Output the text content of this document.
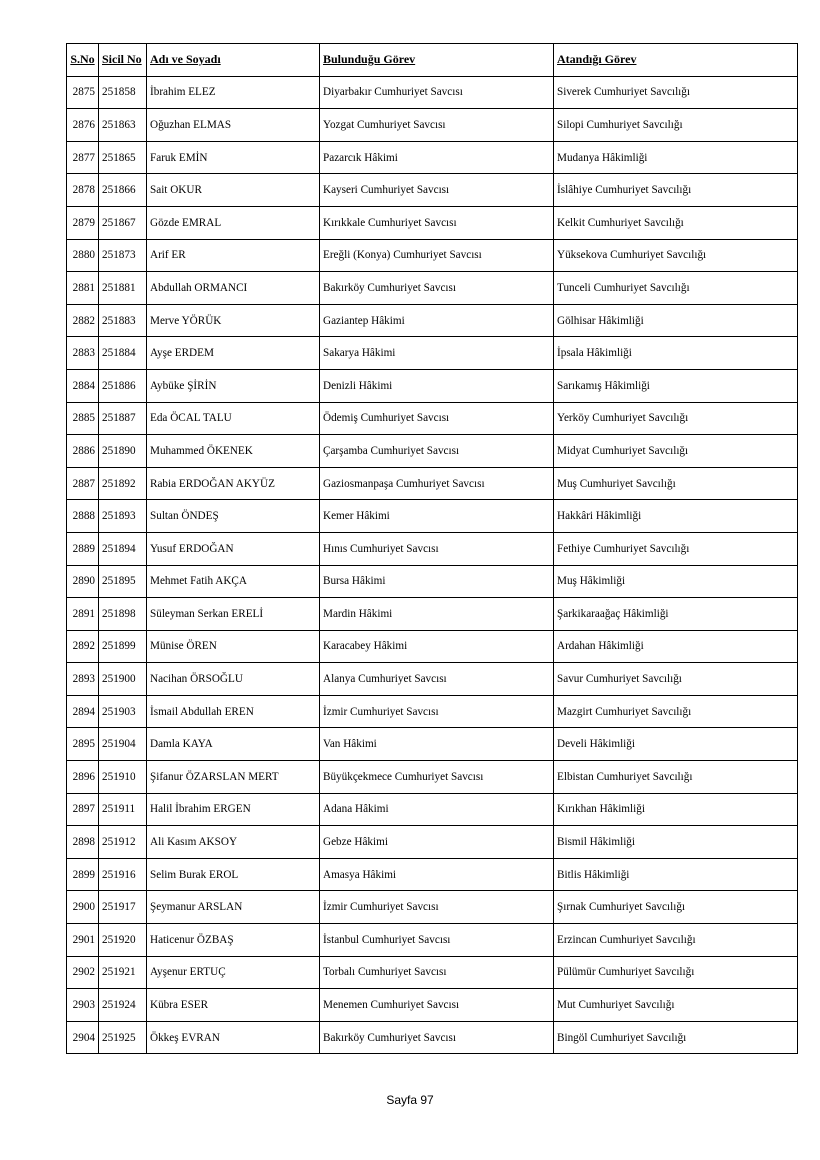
S.No	Sicil No	Adı ve Soyadı	Bulunduğu Görev	Atandığı Görev
2875	251858	İbrahim ELEZ	Diyarbakır Cumhuriyet Savcısı	Siverek Cumhuriyet Savcılığı
2876	251863	Oğuzhan ELMAS	Yozgat Cumhuriyet Savcısı	Silopi Cumhuriyet Savcılığı
2877	251865	Faruk EMİN	Pazarcık Hâkimi	Mudanya Hâkimliği
2878	251866	Sait OKUR	Kayseri Cumhuriyet Savcısı	İslâhiye Cumhuriyet Savcılığı
2879	251867	Gözde EMRAL	Kırıkkale Cumhuriyet Savcısı	Kelkit Cumhuriyet Savcılığı
2880	251873	Arif ER	Ereğli (Konya) Cumhuriyet Savcısı	Yüksekova Cumhuriyet Savcılığı
2881	251881	Abdullah ORMANCI	Bakırköy Cumhuriyet Savcısı	Tunceli Cumhuriyet Savcılığı
2882	251883	Merve YÖRÜK	Gaziantep Hâkimi	Gölhisar Hâkimliği
2883	251884	Ayşe ERDEM	Sakarya Hâkimi	İpsala Hâkimliği
2884	251886	Aybüke ŞİRİN	Denizli Hâkimi	Sarıkamış Hâkimliği
2885	251887	Eda ÖCAL TALU	Ödemiş Cumhuriyet Savcısı	Yerköy Cumhuriyet Savcılığı
2886	251890	Muhammed ÖKENEK	Çarşamba Cumhuriyet Savcısı	Midyat Cumhuriyet Savcılığı
2887	251892	Rabia ERDOĞAN AKYÜZ	Gaziosmanpaşa Cumhuriyet Savcısı	Muş Cumhuriyet Savcılığı
2888	251893	Sultan ÖNDEŞ	Kemer Hâkimi	Hakkâri Hâkimliği
2889	251894	Yusuf ERDOĞAN	Hınıs Cumhuriyet Savcısı	Fethiye Cumhuriyet Savcılığı
2890	251895	Mehmet Fatih AKÇA	Bursa Hâkimi	Muş Hâkimliği
2891	251898	Süleyman Serkan ERELİ	Mardin Hâkimi	Şarkikaraağaç Hâkimliği
2892	251899	Münise ÖREN	Karacabey Hâkimi	Ardahan Hâkimliği
2893	251900	Nacihan ÖRSOĞLU	Alanya Cumhuriyet Savcısı	Savur Cumhuriyet Savcılığı
2894	251903	İsmail Abdullah EREN	İzmir Cumhuriyet Savcısı	Mazgirt Cumhuriyet Savcılığı
2895	251904	Damla KAYA	Van Hâkimi	Develi Hâkimliği
2896	251910	Şifanur ÖZARSLAN MERT	Büyükçekmece Cumhuriyet Savcısı	Elbistan Cumhuriyet Savcılığı
2897	251911	Halil İbrahim ERGEN	Adana Hâkimi	Kırıkhan Hâkimliği
2898	251912	Ali Kasım AKSOY	Gebze Hâkimi	Bismil Hâkimliği
2899	251916	Selim Burak EROL	Amasya Hâkimi	Bitlis Hâkimliği
2900	251917	Şeymanur ARSLAN	İzmir Cumhuriyet Savcısı	Şırnak Cumhuriyet Savcılığı
2901	251920	Haticenur ÖZBAŞ	İstanbul Cumhuriyet Savcısı	Erzincan Cumhuriyet Savcılığı
2902	251921	Ayşenur ERTUÇ	Torbalı Cumhuriyet Savcısı	Pülümür Cumhuriyet Savcılığı
2903	251924	Kübra ESER	Menemen Cumhuriyet Savcısı	Mut Cumhuriyet Savcılığı
2904	251925	Ökkeş EVRAN	Bakırköy Cumhuriyet Savcısı	Bingöl Cumhuriyet Savcılığı
Sayfa 97
